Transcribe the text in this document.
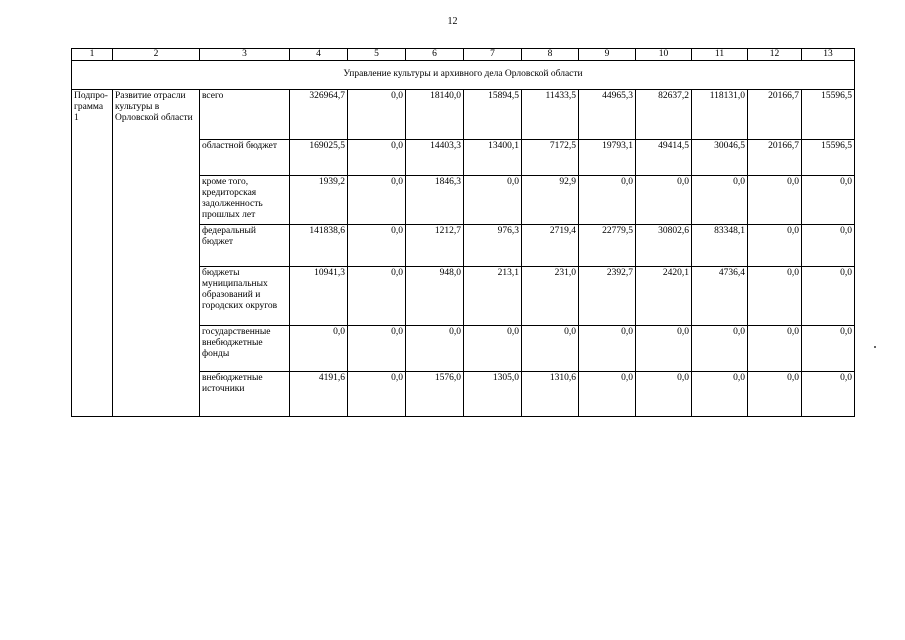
12
1	2	3	4	5	6	7	8	9	10	11	12	13
Управление культуры и архивного дела Орловской области												
Подпро-грамма 1	Развитие отрасли культуры в Орловской области	всего	326964,7	0,0	18140,0	15894,5	11433,5	44965,3	82637,2	118131,0	20166,7	15596,5
		областной бюджет	169025,5	0,0	14403,3	13400,1	7172,5	19793,1	49414,5	30046,5	20166,7	15596,5
		кроме того, кредиторская задолженность прошлых лет	1939,2	0,0	1846,3	0,0	92,9	0,0	0,0	0,0	0,0	0,0
		федеральный бюджет	141838,6	0,0	1212,7	976,3	2719,4	22779,5	30802,6	83348,1	0,0	0,0
		бюджеты муниципальных образований и городских округов	10941,3	0,0	948,0	213,1	231,0	2392,7	2420,1	4736,4	0,0	0,0
		государственные внебюджетные фонды	0,0	0,0	0,0	0,0	0,0	0,0	0,0	0,0	0,0	0,0
		внебюджетные источники	4191,6	0,0	1576,0	1305,0	1310,6	0,0	0,0	0,0	0,0	0,0
